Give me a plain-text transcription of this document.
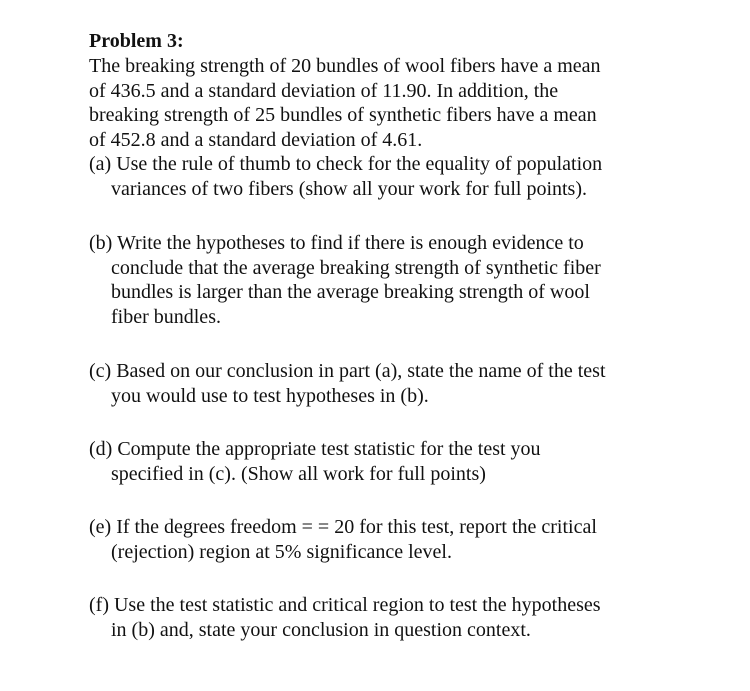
Problem 3:

The breaking strength of 20 bundles of wool fibers have a mean
of 436.5 and a standard deviation of 11.90. In addition, the
breaking strength of 25 bundles of synthetic fibers have a mean
of 452.8 and a standard deviation of 4.61.

(a) Use the rule of thumb to check for the equality of population
variances of two fibers (show all your work for full points).

(b) Write the hypotheses to find if there is enough evidence to
conclude that the average breaking strength of synthetic fiber
bundles is larger than the average breaking strength of wool
fiber bundles.

(c) Based on our conclusion in part (a), state the name of the test
you would use to test hypotheses in (b).

(d) Compute the appropriate test statistic for the test you
specified in (c). (Show all work for full points)

(e) If the degrees freedom = = 20 for this test, report the critical
(rejection) region at 5% significance level.

(f) Use the test statistic and critical region to test the hypotheses
in (b) and, state your conclusion in question context.
